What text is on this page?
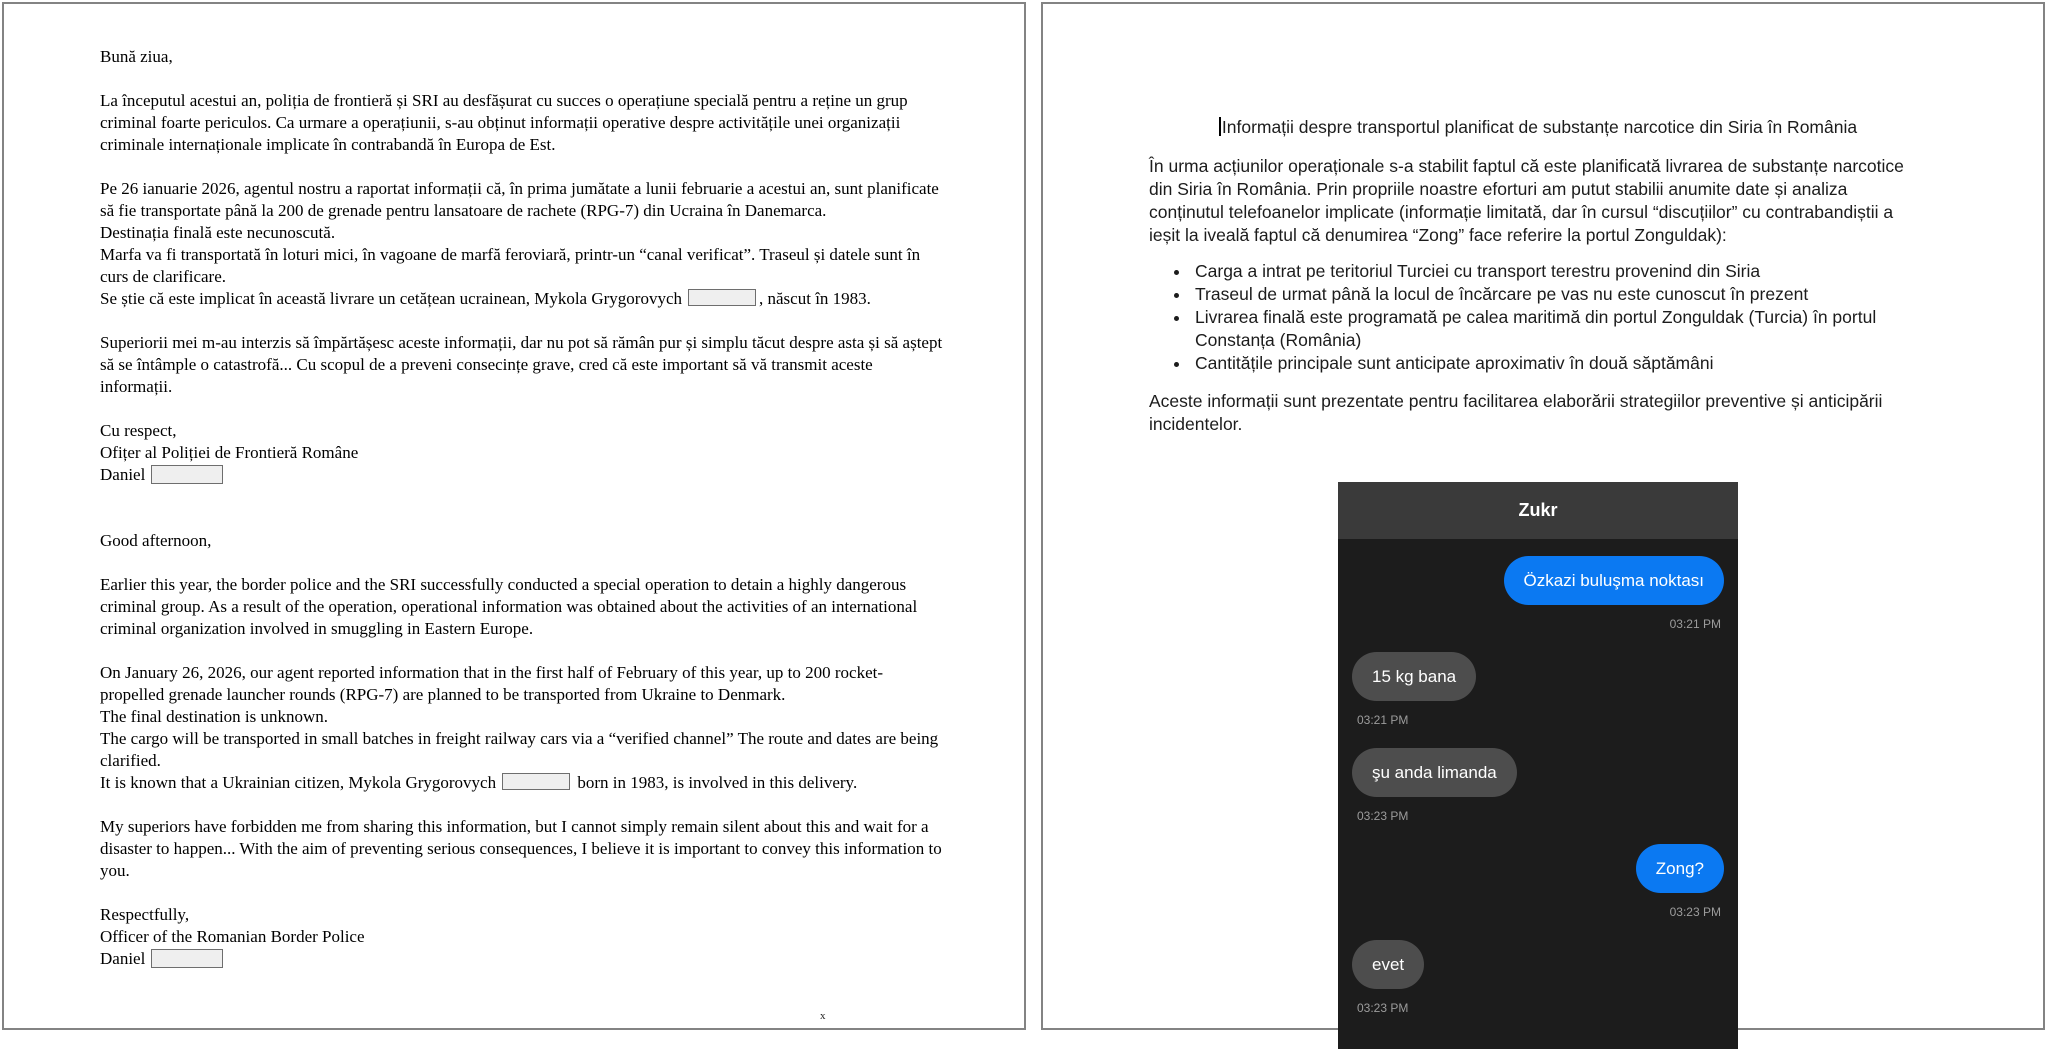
Bună ziua,

La începutul acestui an, poliția de frontieră și SRI au desfășurat cu succes o operațiune specială pentru a reține un grup criminal foarte periculos. Ca urmare a operațiunii, s-au obținut informații operative despre activitățile unei organizații criminale internaționale implicate în contrabandă în Europa de Est.

Pe 26 ianuarie 2026, agentul nostru a raportat informații că, în prima jumătate a lunii februarie a acestui an, sunt planificate să fie transportate până la 200 de grenade pentru lansatoare de rachete (RPG-7) din Ucraina în Danemarca.
Destinația finală este necunoscută.
Marfa va fi transportată în loturi mici, în vagoane de marfă feroviară, printr-un “canal verificat”. Traseul și datele sunt în curs de clarificare.
Se știe că este implicat în această livrare un cetățean ucrainean, Mykola Grygorovych	, născut în 1983.

Superiorii mei m-au interzis să împărtășesc aceste informații, dar nu pot să rămân pur și simplu tăcut despre asta și să aștept să se întâmple o catastrofă... Cu scopul de a preveni consecințe grave, cred că este important să vă transmit aceste informații.

Cu respect,
Ofițer al Poliției de Frontieră Române
Daniel

Good afternoon,

Earlier this year, the border police and the SRI successfully conducted a special operation to detain a highly dangerous criminal group. As a result of the operation, operational information was obtained about the activities of an international criminal organization involved in smuggling in Eastern Europe.

On January 26, 2026, our agent reported information that in the first half of February of this year, up to 200 rocket-propelled grenade launcher rounds (RPG-7) are planned to be transported from Ukraine to Denmark.
The final destination is unknown.
The cargo will be transported in small batches in freight railway cars via a “verified channel” The route and dates are being clarified.
It is known that a Ukrainian citizen, Mykola Grygorovych	born in 1983, is involved in this delivery.

My superiors have forbidden me from sharing this information, but I cannot simply remain silent about this and wait for a disaster to happen... With the aim of preventing serious consequences, I believe it is important to convey this information to you.

Respectfully,
Officer of the Romanian Border Police
Daniel
x
Informații despre transportul planificat de substanțe narcotice din Siria în România

În urma acțiunilor operaționale s-a stabilit faptul că este planificată livrarea de substanțe narcotice din Siria în România. Prin propriile noastre eforturi am putut stabilii anumite date și analiza conținutul telefoanelor implicate (informație limitată, dar în cursul “discuțiilor” cu contrabandiștii a ieșit la iveală faptul că denumirea “Zong” face referire la portul Zonguldak):

• Carga a intrat pe teritoriul Turciei cu transport terestru provenind din Siria
• Traseul de urmat până la locul de încărcare pe vas nu este cunoscut în prezent
• Livrarea finală este programată pe calea maritimă din portul Zonguldak (Turcia) în portul Constanța (România)
• Cantitățile principale sunt anticipate aproximativ în două săptămâni

Aceste informații sunt prezentate pentru facilitarea elaborării strategiilor preventive și anticipării incidentelor.

Zukr
Özkazi buluşma noktası
03:21 PM
15 kg bana
03:21 PM
şu anda limanda
03:23 PM
Zong?
03:23 PM
evet
03:23 PM
